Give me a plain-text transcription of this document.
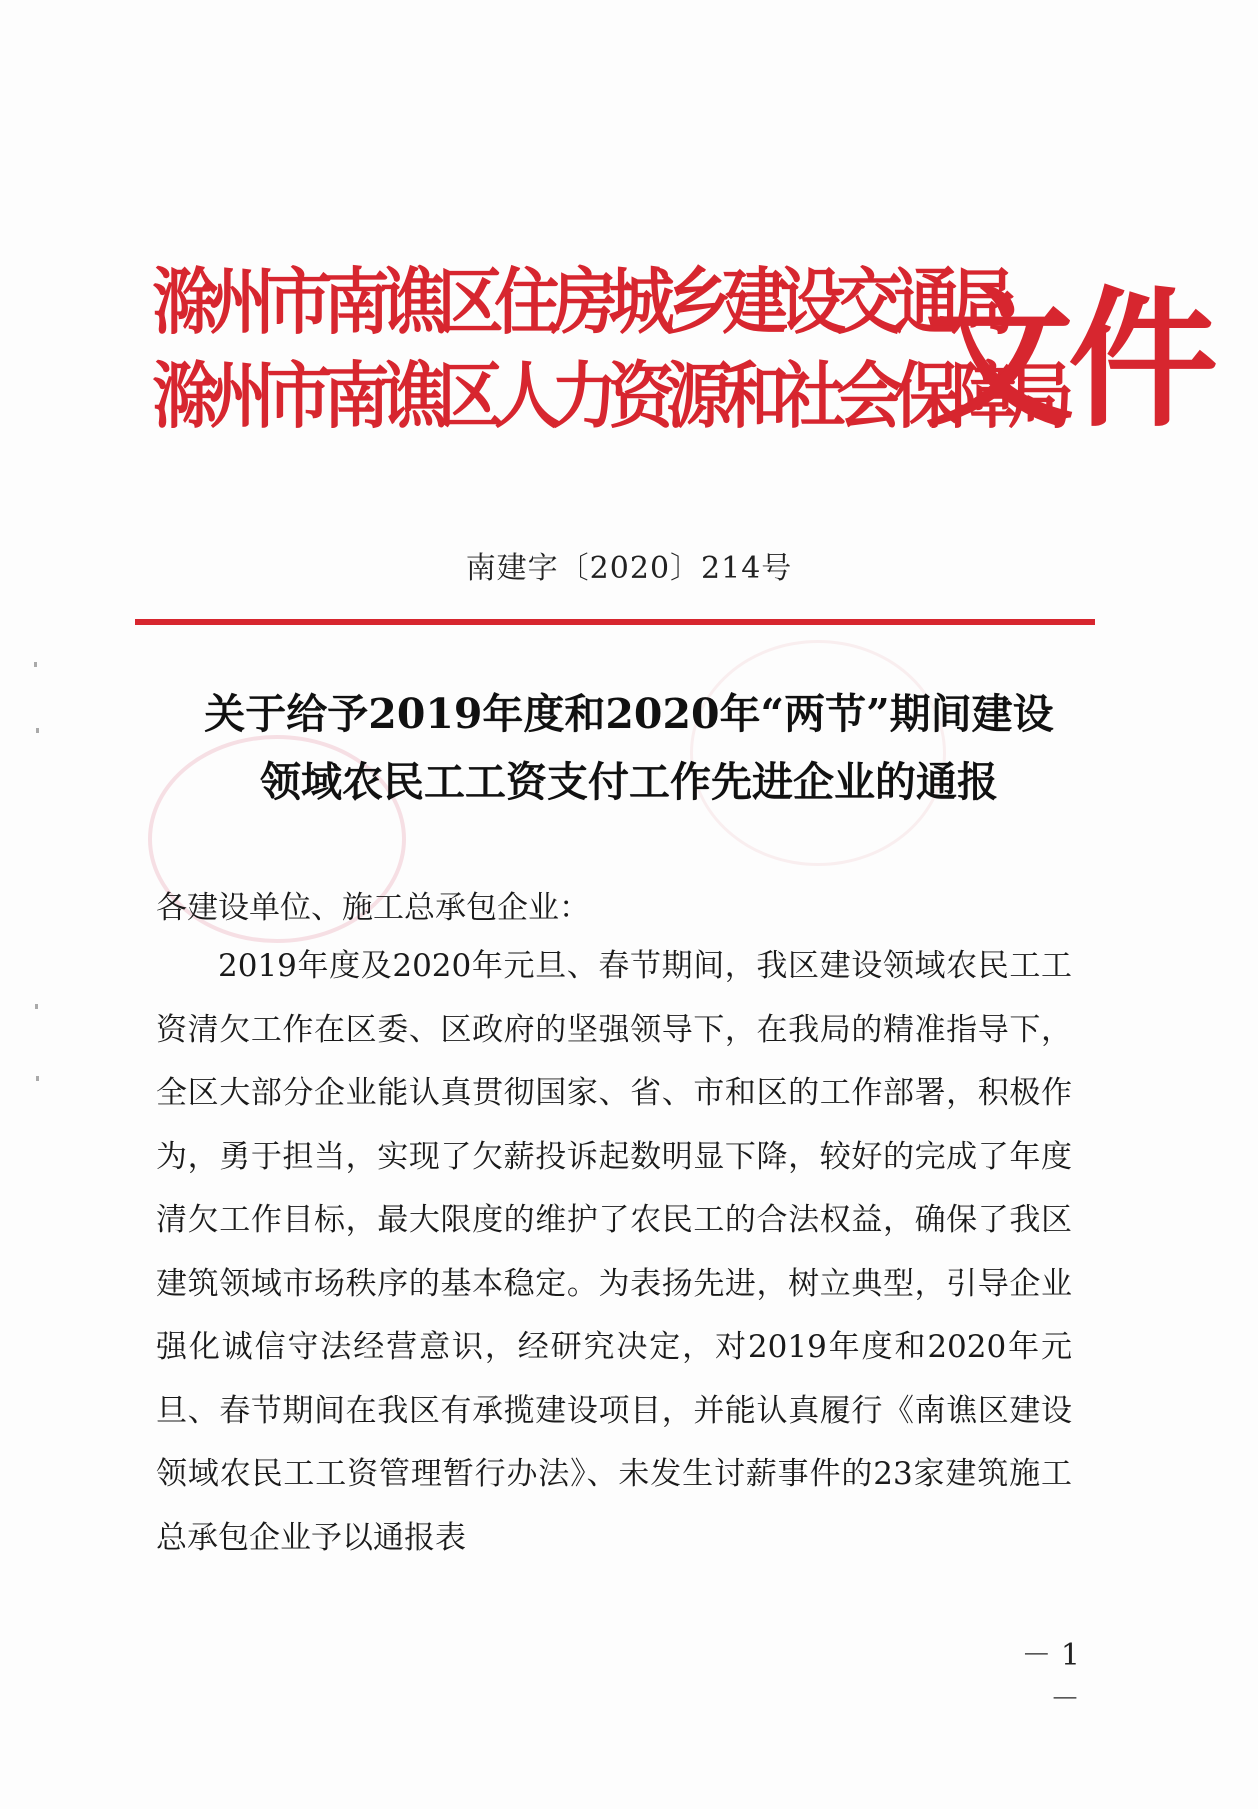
滁州市南谯区住房城乡建设交通局
滁州市南谯区人力资源和社会保障局
文件
南建字〔2020〕214号
关于给予2019年度和2020年“两节”期间建设
领域农民工工资支付工作先进企业的通报
各建设单位、施工总承包企业：

2019年度及2020年元旦、春节期间，我区建设领域农民工工资清欠工作在区委、区政府的坚强领导下，在我局的精准指导下，全区大部分企业能认真贯彻国家、省、市和区的工作部署，积极作为，勇于担当，实现了欠薪投诉起数明显下降，较好的完成了年度清欠工作目标，最大限度的维护了农民工的合法权益，确保了我区建筑领域市场秩序的基本稳定。为表扬先进，树立典型，引导企业强化诚信守法经营意识，经研究决定，对2019年度和2020年元旦、春节期间在我区有承揽建设项目，并能认真履行《南谯区建设领域农民工工资管理暂行办法》、未发生讨薪事件的23家建筑施工总承包企业予以通报表

－ 1 －
